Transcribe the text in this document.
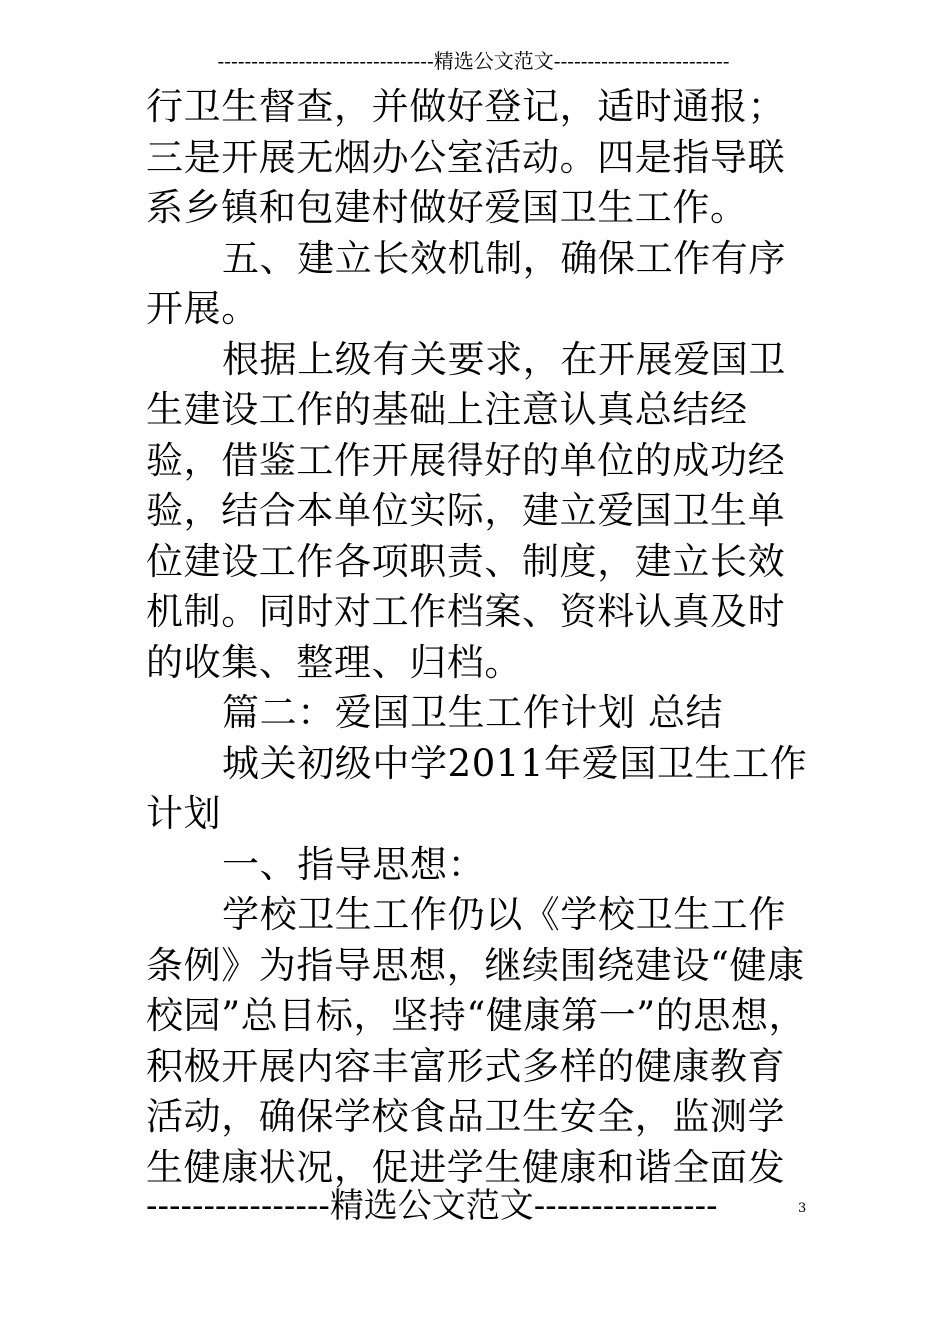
--------------------------------精选公文范文--------------------------
行卫生督查，并做好登记，适时通报；
三是开展无烟办公室活动。四是指导联
系乡镇和包建村做好爱国卫生工作。
五、建立长效机制，确保工作有序
开展。
根据上级有关要求，在开展爱国卫
生建设工作的基础上注意认真总结经
验，借鉴工作开展得好的单位的成功经
验，结合本单位实际，建立爱国卫生单
位建设工作各项职责、制度，建立长效
机制。同时对工作档案、资料认真及时
的收集、整理、归档。
篇二：爱国卫生工作计划 总结
城关初级中学2011年爱国卫生工作
计划
一、指导思想：
学校卫生工作仍以《学校卫生工作
条例》为指导思想，继续围绕建设“健康
校园”总目标，坚持“健康第一”的思想，
积极开展内容丰富形式多样的健康教育
活动，确保学校食品卫生安全，监测学
生健康状况，促进学生健康和谐全面发
----------------精选公文范文----------------	3
